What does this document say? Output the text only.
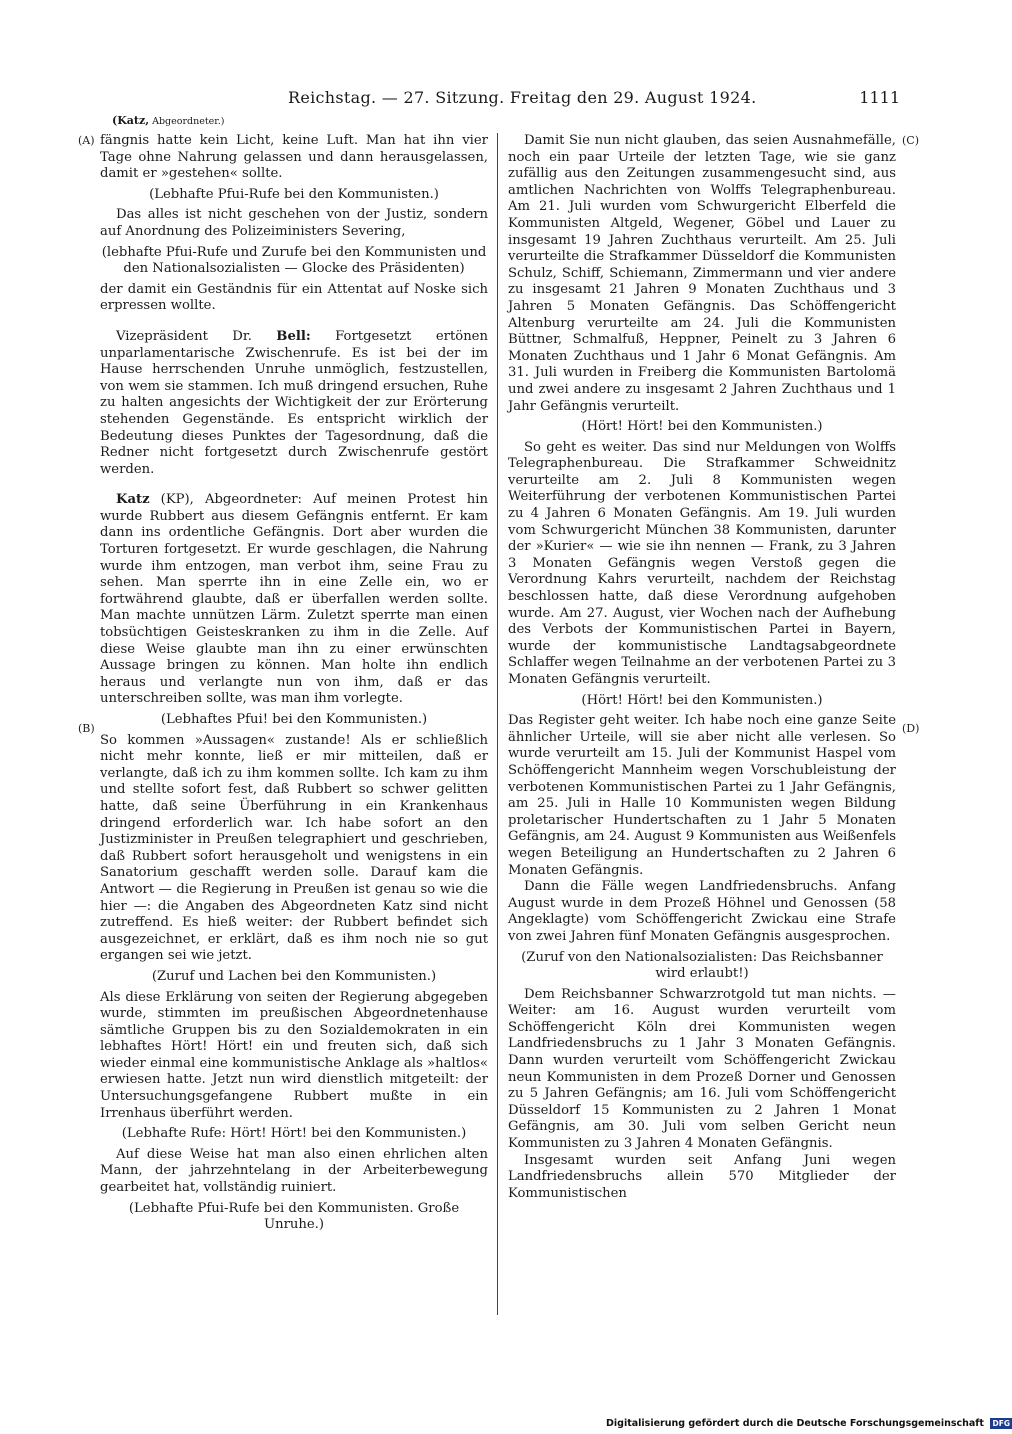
Reichstag. — 27. Sitzung. Freitag den 29. August 1924.	1111
(Katz, Abgeordneter.)
(A)
(B)
(C)
(D)

fängnis hatte kein Licht, keine Luft. Man hat ihn vier Tage ohne Nahrung gelassen und dann herausgelassen, damit er »gestehen« sollte.

(Lebhafte Pfui-Rufe bei den Kommunisten.)

Das alles ist nicht geschehen von der Justiz, sondern auf Anordnung des Polizeiministers Severing,

(lebhafte Pfui-Rufe und Zurufe bei den Kommunisten und den Nationalsozialisten — Glocke des Präsidenten)

der damit ein Geständnis für ein Attentat auf Noske sich erpressen wollte.

Vizepräsident Dr. Bell: Fortgesetzt ertönen unparlamentarische Zwischenrufe. Es ist bei der im Hause herrschenden Unruhe unmöglich, festzustellen, von wem sie stammen. Ich muß dringend ersuchen, Ruhe zu halten angesichts der Wichtigkeit der zur Erörterung stehenden Gegenstände. Es entspricht wirklich der Bedeutung dieses Punktes der Tagesordnung, daß die Redner nicht fortgesetzt durch Zwischenrufe gestört werden.

Katz (KP), Abgeordneter: Auf meinen Protest hin wurde Rubbert aus diesem Gefängnis entfernt. Er kam dann ins ordentliche Gefängnis. Dort aber wurden die Torturen fortgesetzt. Er wurde geschlagen, die Nahrung wurde ihm entzogen, man verbot ihm, seine Frau zu sehen. Man sperrte ihn in eine Zelle ein, wo er fortwährend glaubte, daß er überfallen werden sollte. Man machte unnützen Lärm. Zuletzt sperrte man einen tobsüchtigen Geisteskranken zu ihm in die Zelle. Auf diese Weise glaubte man ihn zu einer erwünschten Aussage bringen zu können. Man holte ihn endlich heraus und verlangte nun von ihm, daß er das unterschreiben sollte, was man ihm vorlegte.

(Lebhaftes Pfui! bei den Kommunisten.)

So kommen »Aussagen« zustande! Als er schließlich nicht mehr konnte, ließ er mir mitteilen, daß er verlangte, daß ich zu ihm kommen sollte. Ich kam zu ihm und stellte sofort fest, daß Rubbert so schwer gelitten hatte, daß seine Überführung in ein Krankenhaus dringend erforderlich war. Ich habe sofort an den Justizminister in Preußen telegraphiert und geschrieben, daß Rubbert sofort herausgeholt und wenigstens in ein Sanatorium geschafft werden solle. Darauf kam die Antwort — die Regierung in Preußen ist genau so wie die hier —: die Angaben des Abgeordneten Katz sind nicht zutreffend. Es hieß weiter: der Rubbert befindet sich ausgezeichnet, er erklärt, daß es ihm noch nie so gut ergangen sei wie jetzt.

(Zuruf und Lachen bei den Kommunisten.)

Als diese Erklärung von seiten der Regierung abgegeben wurde, stimmten im preußischen Abgeordnetenhause sämtliche Gruppen bis zu den Sozialdemokraten in ein lebhaftes Hört! Hört! ein und freuten sich, daß sich wieder einmal eine kommunistische Anklage als »haltlos« erwiesen hatte. Jetzt nun wird dienstlich mitgeteilt: der Untersuchungsgefangene Rubbert mußte in ein Irrenhaus überführt werden.

(Lebhafte Rufe: Hört! Hört! bei den Kommunisten.)

Auf diese Weise hat man also einen ehrlichen alten Mann, der jahrzehntelang in der Arbeiterbewegung gearbeitet hat, vollständig ruiniert.

(Lebhafte Pfui-Rufe bei den Kommunisten. Große Unruhe.)

Damit Sie nun nicht glauben, das seien Ausnahmefälle, noch ein paar Urteile der letzten Tage, wie sie ganz zufällig aus den Zeitungen zusammengesucht sind, aus amtlichen Nachrichten von Wolffs Telegraphenbureau. Am 21. Juli wurden vom Schwurgericht Elberfeld die Kommunisten Altgeld, Wegener, Göbel und Lauer zu insgesamt 19 Jahren Zuchthaus verurteilt. Am 25. Juli verurteilte die Strafkammer Düsseldorf die Kommunisten Schulz, Schiff, Schiemann, Zimmermann und vier andere zu insgesamt 21 Jahren 9 Monaten Zuchthaus und 3 Jahren 5 Monaten Gefängnis. Das Schöffengericht Altenburg verurteilte am 24. Juli die Kommunisten Büttner, Schmalfuß, Heppner, Peinelt zu 3 Jahren 6 Monaten Zuchthaus und 1 Jahr 6 Monat Gefängnis. Am 31. Juli wurden in Freiberg die Kommunisten Bartolomä und zwei andere zu insgesamt 2 Jahren Zuchthaus und 1 Jahr Gefängnis verurteilt.

(Hört! Hört! bei den Kommunisten.)

So geht es weiter. Das sind nur Meldungen von Wolffs Telegraphenbureau. Die Strafkammer Schweidnitz verurteilte am 2. Juli 8 Kommunisten wegen Weiterführung der verbotenen Kommunistischen Partei zu 4 Jahren 6 Monaten Gefängnis. Am 19. Juli wurden vom Schwurgericht München 38 Kommunisten, darunter der »Kurier« — wie sie ihn nennen — Frank, zu 3 Jahren 3 Monaten Gefängnis wegen Verstoß gegen die Verordnung Kahrs verurteilt, nachdem der Reichstag beschlossen hatte, daß diese Verordnung aufgehoben wurde. Am 27. August, vier Wochen nach der Aufhebung des Verbots der Kommunistischen Partei in Bayern, wurde der kommunistische Landtagsabgeordnete Schlaffer wegen Teilnahme an der verbotenen Partei zu 3 Monaten Gefängnis verurteilt.

(Hört! Hört! bei den Kommunisten.)

Das Register geht weiter. Ich habe noch eine ganze Seite ähnlicher Urteile, will sie aber nicht alle verlesen. So wurde verurteilt am 15. Juli der Kommunist Haspel vom Schöffengericht Mannheim wegen Vorschubleistung der verbotenen Kommunistischen Partei zu 1 Jahr Gefängnis, am 25. Juli in Halle 10 Kommunisten wegen Bildung proletarischer Hundertschaften zu 1 Jahr 5 Monaten Gefängnis, am 24. August 9 Kommunisten aus Weißenfels wegen Beteiligung an Hundertschaften zu 2 Jahren 6 Monaten Gefängnis.

Dann die Fälle wegen Landfriedensbruchs. Anfang August wurde in dem Prozeß Höhnel und Genossen (58 Angeklagte) vom Schöffengericht Zwickau eine Strafe von zwei Jahren fünf Monaten Gefängnis ausgesprochen.

(Zuruf von den Nationalsozialisten: Das Reichsbanner wird erlaubt!)

Dem Reichsbanner Schwarzrotgold tut man nichts. — Weiter: am 16. August wurden verurteilt vom Schöffengericht Köln drei Kommunisten wegen Landfriedensbruchs zu 1 Jahr 3 Monaten Gefängnis. Dann wurden verurteilt vom Schöffengericht Zwickau neun Kommunisten in dem Prozeß Dorner und Genossen zu 5 Jahren Gefängnis; am 16. Juli vom Schöffengericht Düsseldorf 15 Kommunisten zu 2 Jahren 1 Monat Gefängnis, am 30. Juli vom selben Gericht neun Kommunisten zu 3 Jahren 4 Monaten Gefängnis.

Insgesamt wurden seit Anfang Juni wegen Landfriedensbruchs allein 570 Mitglieder der Kommunistischen

Digitalisierung gefördert durch die Deutsche Forschungsgemeinschaft DFG
